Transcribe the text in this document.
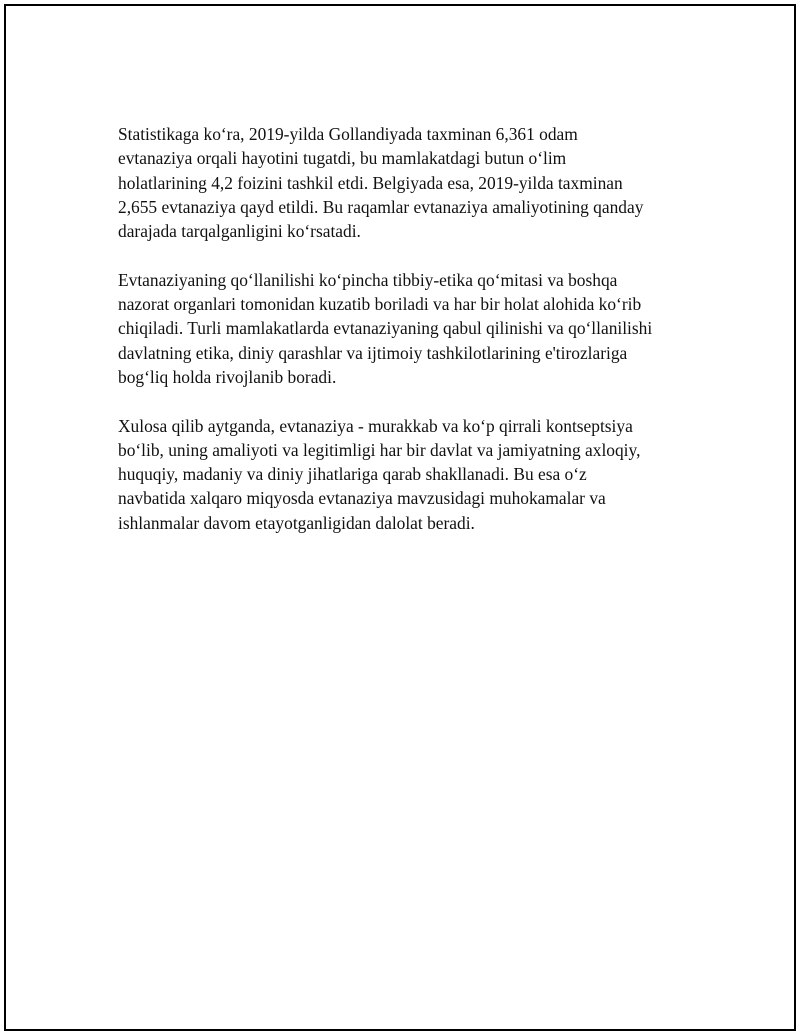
Statistikaga koʻra, 2019-yilda Gollandiyada taxminan 6,361 odam
evtanaziya orqali hayotini tugatdi, bu mamlakatdagi butun oʻlim
holatlarining 4,2 foizini tashkil etdi. Belgiyada esa, 2019-yilda taxminan
2,655 evtanaziya qayd etildi. Bu raqamlar evtanaziya amaliyotining qanday
darajada tarqalganligini koʻrsatadi.

Evtanaziyaning qoʻllanilishi koʻpincha tibbiy-etika qoʻmitasi va boshqa
nazorat organlari tomonidan kuzatib boriladi va har bir holat alohida koʻrib
chiqiladi. Turli mamlakatlarda evtanaziyaning qabul qilinishi va qoʻllanilishi
davlatning etika, diniy qarashlar va ijtimoiy tashkilotlarining e'tirozlariga
bogʻliq holda rivojlanib boradi.

Xulosa qilib aytganda, evtanaziya - murakkab va koʻp qirrali kontseptsiya
boʻlib, uning amaliyoti va legitimligi har bir davlat va jamiyatning axloqiy,
huquqiy, madaniy va diniy jihatlariga qarab shakllanadi. Bu esa oʻz
navbatida xalqaro miqyosda evtanaziya mavzusidagi muhokamalar va
ishlanmalar davom etayotganligidan dalolat beradi.
